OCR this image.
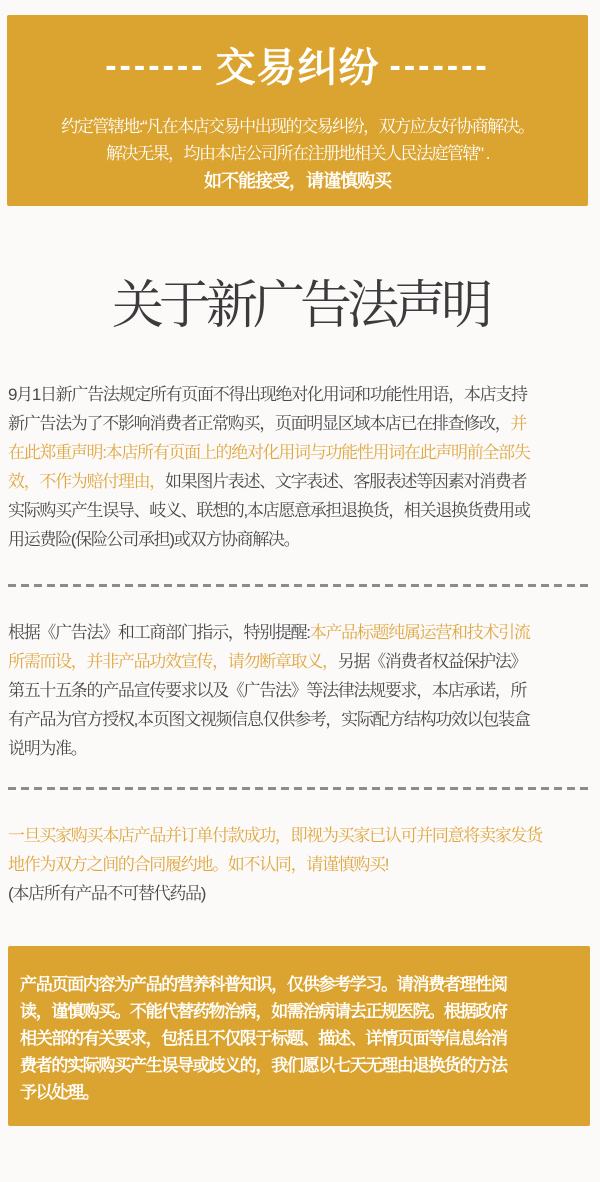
------- 交易纠纷 -------
约定管辖地:“凡在本店交易中出现的交易纠纷，双方应友好协商解决。
解决无果，均由本店公司所在注册地相关人民法庭管辖" .
如不能接受，请谨慎购买
关于新广告法声明
9月1日新广告法规定所有页面不得出现绝对化用词和功能性用语，本店支持新广告法为了不影响消费者正常购买，页面明显区域本店已在排查修改，并在此郑重声明:本店所有页面上的绝对化用词与功能性用词在此声明前全部失效，不作为赔付理由，如果图片表述、文字表述、客服表述等因素对消费者实际购买产生误导、岐义、联想的,本店愿意承担退换货，相关退换货费用或用运费险(保险公司承担)或双方协商解决。
根据《广告法》和工商部门指示，特别提醒:本产品标题纯属运营和技术引流所需而设，并非产品功效宣传，请勿断章取义，另据《消费者权益保护法》第五十五条的产品宣传要求以及《广告法》等法律法规要求，本店承诺，所有产品为官方授权,本页图文视频信息仅供参考，实际配方结构功效以包装盒说明为准。
一旦买家购买本店产品并订单付款成功，即视为买家已认可并同意将卖家发货地作为双方之间的合同履约地。如不认同，请谨慎购买!
(本店所有产品不可替代药品)
产品页面内容为产品的营养科普知识，仅供参考学习。请消费者理性阅读，谨慎购买。不能代替药物治病，如需治病请去正规医院。根据政府相关部的有关要求，包括且不仅限于标题、描述、详情页面等信息给消费者的实际购买产生误导或歧义的，我们愿以七天无理由退换货的方法予以处理。
